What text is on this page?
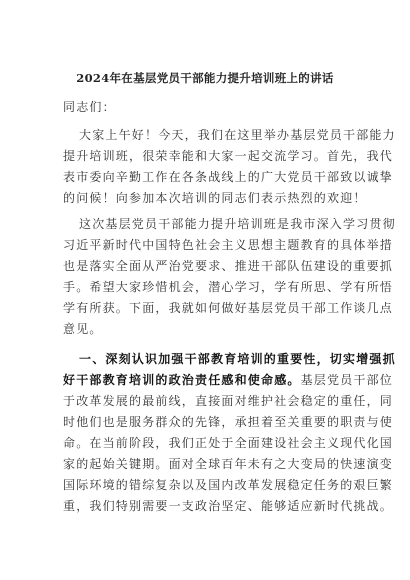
2024年在基层党员干部能力提升培训班上的讲话
同志们：
大家上午好！今天，我们在这里举办基层党员干部能力
提升培训班，很荣幸能和大家一起交流学习。首先，我代
表市委向辛勤工作在各条战线上的广大党员干部致以诚挚
的问候！向参加本次培训的同志们表示热烈的欢迎！
这次基层党员干部能力提升培训班是我市深入学习贯彻
习近平新时代中国特色社会主义思想主题教育的具体举措
也是落实全面从严治党要求、推进干部队伍建设的重要抓
手。希望大家珍惜机会，潜心学习，学有所思、学有所悟
学有所获。下面，我就如何做好基层党员干部工作谈几点
意见。
一、深刻认识加强干部教育培训的重要性，切实增强抓
好干部教育培训的政治责任感和使命感。基层党员干部位
于改革发展的最前线，直接面对维护社会稳定的重任，同
时他们也是服务群众的先锋，承担着至关重要的职责与使
命。在当前阶段，我们正处于全面建设社会主义现代化国
家的起始关键期。面对全球百年未有之大变局的快速演变
国际环境的错综复杂以及国内改革发展稳定任务的艰巨繁
重，我们特别需要一支政治坚定、能够适应新时代挑战。
